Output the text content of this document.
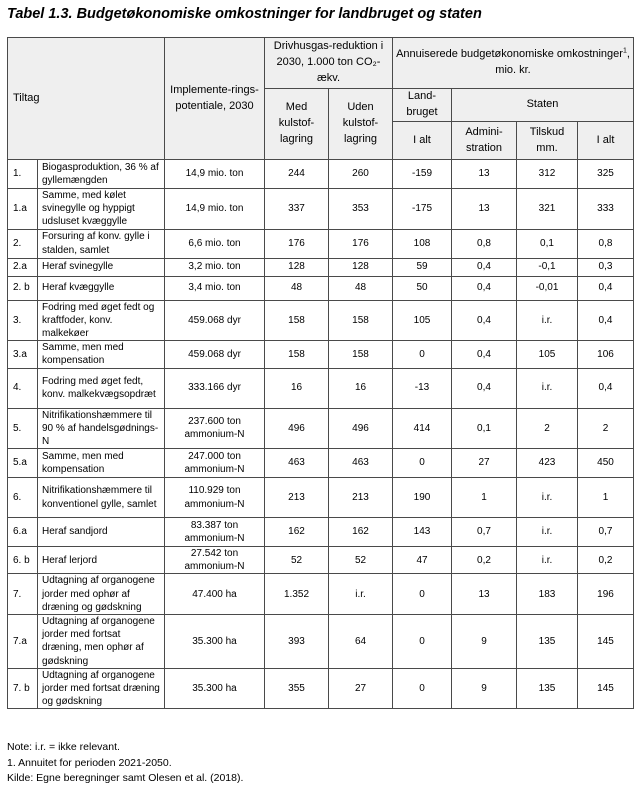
Tabel 1.3. Budgetøkonomiske omkostninger for landbruget og staten
Tiltag		Implemente-rings-potentiale, 2030	Drivhusgas-reduktion i 2030, 1.000 ton CO₂-ækv.		Annuiserede budgetøkonomiske omkostninger$^1$, mio. kr.			
			Med kulstof-lagring	Uden kulstof-lagring	Land-bruget	Staten		
					I alt	Admini-stration	Tilskud mm.	I alt
1.	Biogasproduktion, 36 % af gyllemængden	14,9 mio. ton	244	260	-159	13	312	325
1.a	Samme, med kølet svinegylle og hyppigt udsluset kvæggylle	14,9 mio. ton	337	353	-175	13	321	333
2.	Forsuring af konv. gylle i stalden, samlet	6,6 mio. ton	176	176	108	0,8	0,1	0,8
2.a	Heraf svinegylle	3,2 mio. ton	128	128	59	0,4	-0,1	0,3
2. b	Heraf kvæggylle	3,4 mio. ton	48	48	50	0,4	-0,01	0,4
3.	Fodring med øget fedt og kraftfoder, konv. malkekøer	459.068 dyr	158	158	105	0,4	i.r.	0,4
3.a	Samme, men med kompensation	459.068 dyr	158	158	0	0,4	105	106
4.	Fodring med øget fedt, konv. malkekvægsopdræt	333.166 dyr	16	16	-13	0,4	i.r.	0,4
5.	Nitrifikationshæmmere til 90 % af handelsgødnings-N	237.600 ton ammonium-N	496	496	414	0,1	2	2
5.a	Samme, men med kompensation	247.000 ton ammonium-N	463	463	0	27	423	450
6.	Nitrifikationshæmmere til konventionel gylle, samlet	110.929 ton ammonium-N	213	213	190	1	i.r.	1
6.a	Heraf sandjord	83.387 ton ammonium-N	162	162	143	0,7	i.r.	0,7
6. b	Heraf lerjord	27.542 ton ammonium-N	52	52	47	0,2	i.r.	0,2
7.	Udtagning af organogene jorder med ophør af dræning og gødskning	47.400 ha	1.352	i.r.	0	13	183	196
7.a	Udtagning af organogene jorder med fortsat dræning, men ophør af gødskning	35.300 ha	393	64	0	9	135	145
7. b	Udtagning af organogene jorder med fortsat dræning og gødskning	35.300 ha	355	27	0	9	135	145
Note: i.r. = ikke relevant.
1. Annuitet for perioden 2021-2050.
Kilde: Egne beregninger samt Olesen et al. (2018).
